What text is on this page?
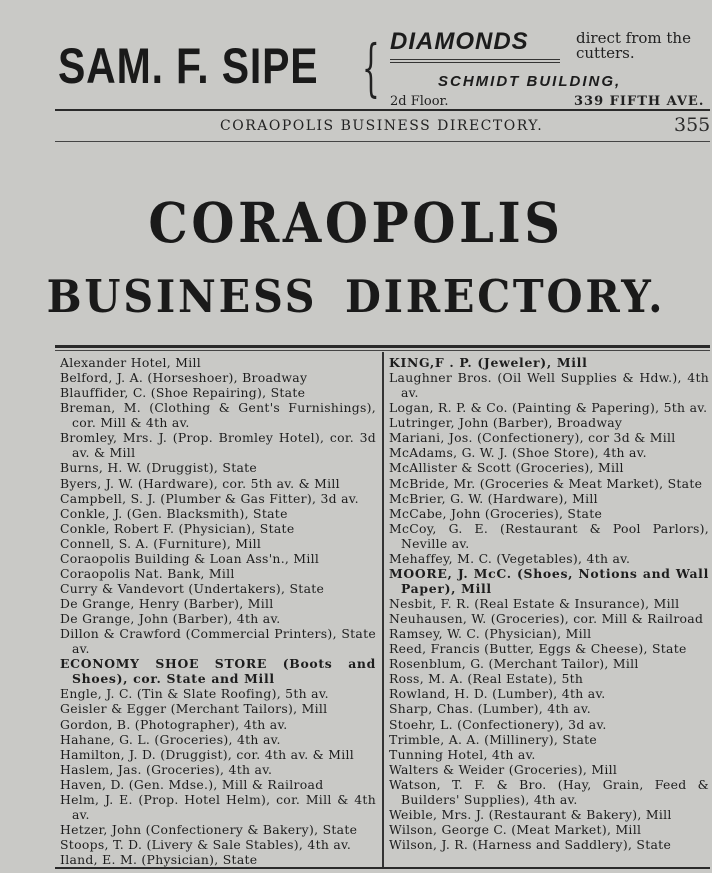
SAM. F. SIPE { DIAMONDS	direct from the cutters.
SCHMIDT BUILDING,
2d Floor.	339 FIFTH AVE.
CORAOPOLIS BUSINESS DIRECTORY.	355
CORAOPOLIS
BUSINESS DIRECTORY.

Alexander Hotel, Mill

Belford, J. A. (Horseshoer), Broadway

Blauffider, C. (Shoe Repairing), State

Breman, M. (Clothing & Gent's Furnishings), cor. Mill & 4th av.

Bromley, Mrs. J. (Prop. Bromley Hotel), cor. 3d av. & Mill

Burns, H. W. (Druggist), State

Byers, J. W. (Hardware), cor. 5th av. & Mill

Campbell, S. J. (Plumber & Gas Fitter), 3d av.

Conkle, J. (Gen. Blacksmith), State

Conkle, Robert F. (Physician), State

Connell, S. A. (Furniture), Mill

Coraopolis Building & Loan Ass'n., Mill

Coraopolis Nat. Bank, Mill

Curry & Vandevort (Undertakers), State

De Grange, Henry (Barber), Mill

De Grange, John (Barber), 4th av.

Dillon & Crawford (Commercial Printers), State av.

ECONOMY SHOE STORE (Boots and Shoes), cor. State and Mill

Engle, J. C. (Tin & Slate Roofing), 5th av.

Geisler & Egger (Merchant Tailors), Mill

Gordon, B. (Photographer), 4th av.

Hahane, G. L. (Groceries), 4th av.

Hamilton, J. D. (Druggist), cor. 4th av. & Mill

Haslem, Jas. (Groceries), 4th av.

Haven, D. (Gen. Mdse.), Mill & Railroad

Helm, J. E. (Prop. Hotel Helm), cor. Mill & 4th av.

Hetzer, John (Confectionery & Bakery), State

Stoops, T. D. (Livery & Sale Stables), 4th av.

Iland, E. M. (Physician), State

KING,F . P. (Jeweler), Mill

Laughner Bros. (Oil Well Supplies & Hdw.), 4th av.

Logan, R. P. & Co. (Painting & Papering), 5th av.

Lutringer, John (Barber), Broadway

Mariani, Jos. (Confectionery), cor 3d & Mill

McAdams, G. W. J. (Shoe Store), 4th av.

McAllister & Scott (Groceries), Mill

McBride, Mr. (Groceries & Meat Market), State

McBrier, G. W. (Hardware), Mill

McCabe, John (Groceries), State

McCoy, G. E. (Restaurant & Pool Parlors), Neville av.

Mehaffey, M. C. (Vegetables), 4th av.

MOORE, J. McC. (Shoes, Notions and Wall Paper), Mill

Nesbit, F. R. (Real Estate & Insurance), Mill

Neuhausen, W. (Groceries), cor. Mill & Railroad

Ramsey, W. C. (Physician), Mill

Reed, Francis (Butter, Eggs & Cheese), State

Rosenblum, G. (Merchant Tailor), Mill

Ross, M. A. (Real Estate), 5th

Rowland, H. D. (Lumber), 4th av.

Sharp, Chas. (Lumber), 4th av.

Stoehr, L. (Confectionery), 3d av.

Trimble, A. A. (Millinery), State

Tunning Hotel, 4th av.

Walters & Weider (Groceries), Mill

Watson, T. F. & Bro. (Hay, Grain, Feed & Builders' Supplies), 4th av.

Weible, Mrs. J. (Restaurant & Bakery), Mill

Wilson, George C. (Meat Market), Mill

Wilson, J. R. (Harness and Saddlery), State
